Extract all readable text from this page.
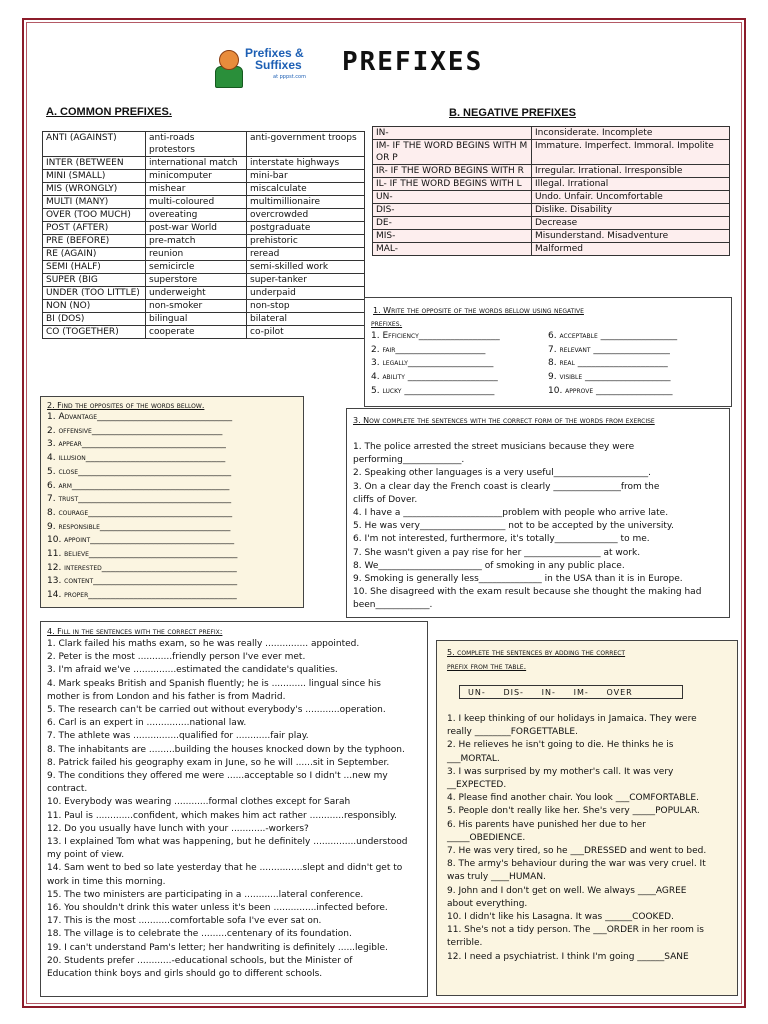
Prefixes &
Suffixes
at pppst.com PREFIXES
A. COMMON PREFIXES.	B. NEGATIVE PREFIXES
ANTI (AGAINST)	anti-roads protestors	anti-government troops
INTER (BETWEEN	international match	interstate highways
MINI (SMALL)	minicomputer	mini-bar
MIS (WRONGLY)	mishear	miscalculate
MULTI (MANY)	multi-coloured	multimillionaire
OVER (TOO MUCH)	overeating	overcrowded
POST (AFTER)	post-war World	postgraduate
PRE (BEFORE)	pre-match	prehistoric
RE (AGAIN)	reunion	reread
SEMI (HALF)	semicircle	semi-skilled work
SUPER (BIG	superstore	super-tanker
UNDER (TOO LITTLE)	underweight	underpaid
NON (NO)	non-smoker	non-stop
BI (DOS)	bilingual	bilateral
CO (TOGETHER)	cooperate	co-pilot
IN-	Inconsiderate. Incomplete
IM- IF THE WORD BEGINS WITH M OR P	Immature. Imperfect. Immoral. Impolite
IR- IF THE WORD BEGINS WITH R	Irregular. Irrational. Irresponsible
IL- IF THE WORD BEGINS WITH L	Illegal. Irrational
UN-	Undo. Unfair. Uncomfortable
DIS-	Dislike. Disability
DE-	Decrease
MIS-	Misunderstand. Misadventure
MAL-	Malformed
1. Write the opposite of the words bellow using negative
prefixes.
1. Efficiency__________________
2. fair____________________
3. legally___________________
4. ability ____________________
5. lucky ____________________
6. acceptable _________________
7. relevant _________________
8. real ____________________
9. visible ___________________
10. approve _________________
2. Find the opposites of the words bellow.
1. Advantage______________________________
2. offensive_____________________________
3. appear________________________________
4. illusion_______________________________
5. close__________________________________
6. arm___________________________________
7. trust__________________________________
8. courage________________________________
9. responsible_____________________________
10. appoint________________________________
11. believe_________________________________
12. interested______________________________
13. content________________________________
14. proper_________________________________
3. Now complete the sentences with the correct form of the words from exercise
1. The police arrested the street musicians because they were
performing_____________.
2. Speaking other languages is a very useful_____________________.
3. On a clear day the French coast is clearly _______________from the
cliffs of Dover.
4. I have a ______________________problem with people who arrive late.
5. He was very___________________ not to be accepted by the university.
6. I'm not interested, furthermore, it's totally______________ to me.
7. She wasn't given a pay rise for her _________________ at work.
8. We_______________________ of smoking in any public place.
9. Smoking is generally less______________ in the USA than it is in Europe.
10. She disagreed with the exam result because she thought the making had
been____________.
4. Fill in the sentences with the correct prefix:
1. Clark failed his maths exam, so he was really ............... appointed.
2. Peter is the most ............friendly person I've ever met.
3. I'm afraid we've ...............estimated the candidate's qualities.
4. Mark speaks British and Spanish fluently; he is ............ lingual since his
mother is from London and his father is from Madrid.
5. The research can't be carried out without everybody's ............operation.
6. Carl is an expert in ...............national law.
7. The athlete was ................qualified for ............fair play.
8. The inhabitants are .........building the houses knocked down by the typhoon.
8. Patrick failed his geography exam in June, so he will ......sit in September.
9. The conditions they offered me were ......acceptable so I didn't ...new my
contract.
10. Everybody was wearing ............formal clothes except for Sarah
11. Paul is .............confident, which makes him act rather ............responsibly.
12. Do you usually have lunch with your ............-workers?
13. I explained Tom what was happening, but he definitely ...............understood
my point of view.
14. Sam went to bed so late yesterday that he ...............slept and didn't get to
work in time this morning.
15. The two ministers are participating in a ............lateral conference.
16. You shouldn't drink this water unless it's been ...............infected before.
17. This is the most ...........comfortable sofa I've ever sat on.
18. The village is to celebrate the .........centenary of its foundation.
19. I can't understand Pam's letter; her handwriting is definitely ......legible.
20. Students prefer ............-educational schools, but the Minister of
Education think boys and girls should go to different schools.
5. complete the sentences by adding the correct
prefix from the table.
UN-     DIS-     IN-     IM-     OVER
1. I keep thinking of our holidays in Jamaica. They were
really ________FORGETTABLE.
2. He relieves he isn't going to die. He thinks he is
___MORTAL.
3. I was surprised by my mother's call. It was very
__EXPECTED.
4. Please find another chair. You look ___COMFORTABLE.
5. People don't really like her. She's very _____POPULAR.
6. His parents have punished her due to her
_____OBEDIENCE.
7. He was very tired, so he ___DRESSED and went to bed.
8. The army's behaviour during the war was very cruel. It
was truly ____HUMAN.
9. John and I don't get on well. We always ____AGREE
about everything.
10. I didn't like his Lasagna. It was ______COOKED.
11. She's not a tidy person. The ___ORDER in her room is
terrible.
12. I need a psychiatrist. I think I'm going ______SANE
